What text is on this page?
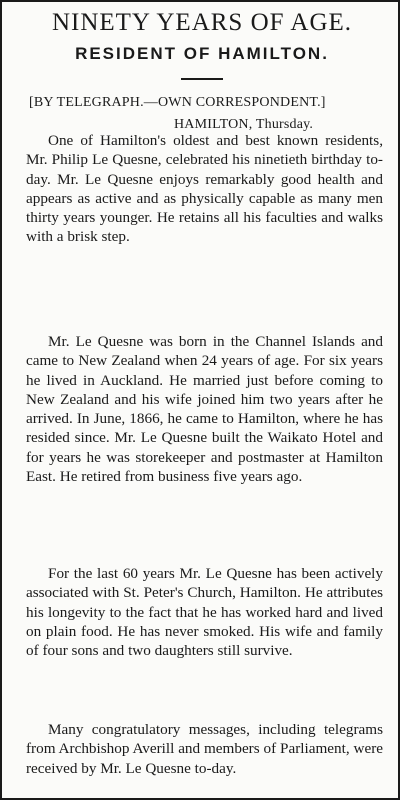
NINETY YEARS OF AGE.
RESIDENT OF HAMILTON.
[BY TELEGRAPH.—OWN CORRESPONDENT.]
HAMILTON, Thursday.

One of Hamilton's oldest and best known residents, Mr. Philip Le Quesne, celebrated his ninetieth birthday to-day. Mr. Le Quesne enjoys remarkably good health and appears as active and as physically capable as many men thirty years younger. He retains all his faculties and walks with a brisk step.

Mr. Le Quesne was born in the Channel Islands and came to New Zealand when 24 years of age. For six years he lived in Auckland. He married just before coming to New Zealand and his wife joined him two years after he arrived. In June, 1866, he came to Hamilton, where he has resided since. Mr. Le Quesne built the Waikato Hotel and for years he was storekeeper and postmaster at Hamilton East. He retired from business five years ago.

For the last 60 years Mr. Le Quesne has been actively associated with St. Peter's Church, Hamilton. He attributes his longevity to the fact that he has worked hard and lived on plain food. He has never smoked. His wife and family of four sons and two daughters still survive.

Many congratulatory messages, including telegrams from Archbishop Averill and members of Parliament, were received by Mr. Le Quesne to-day.
